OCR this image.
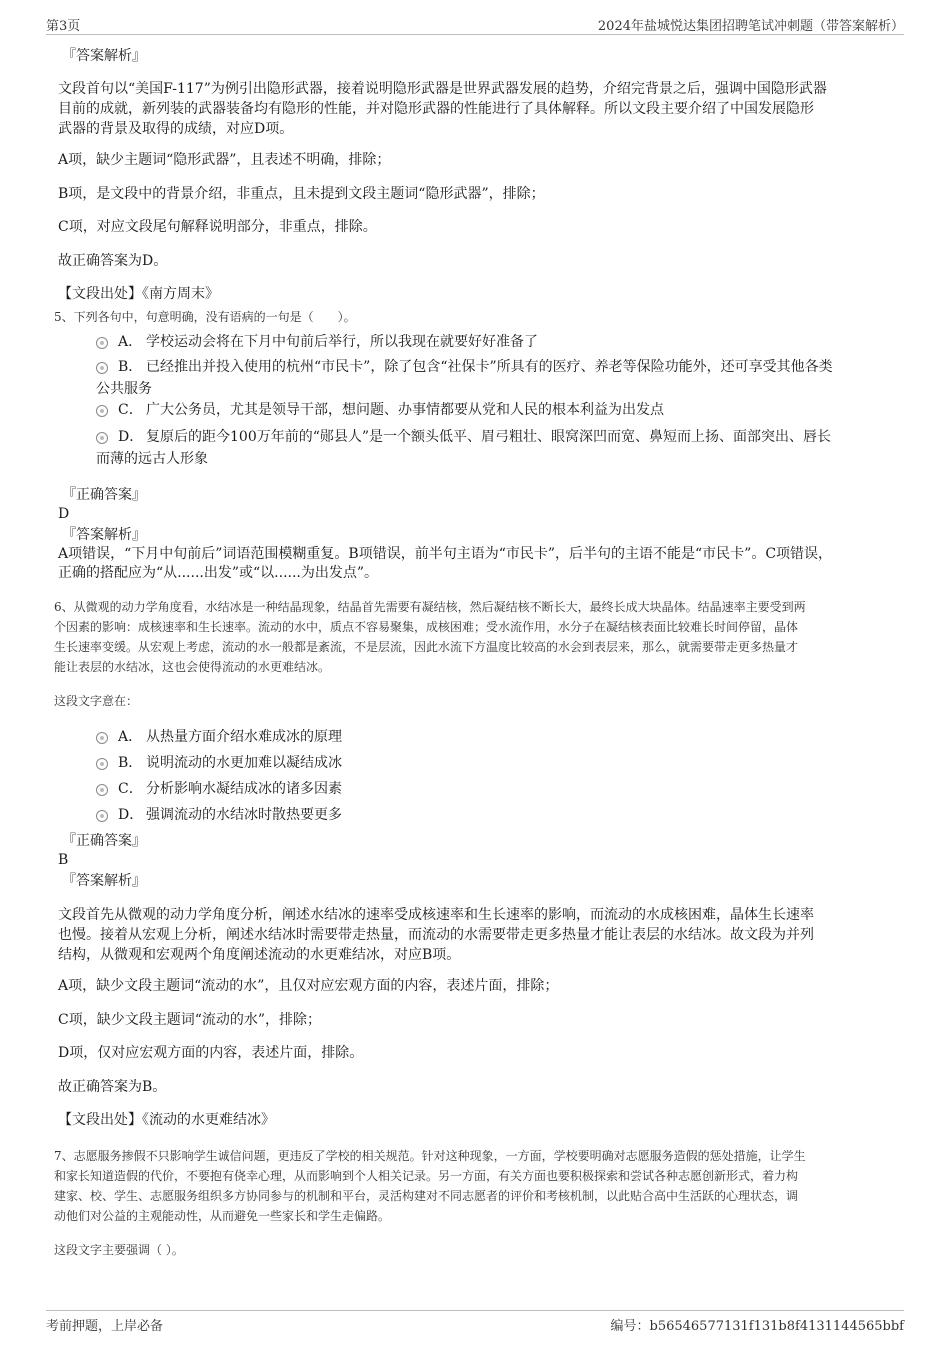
第3页	2024年盐城悦达集团招聘笔试冲刺题（带答案解析）
『答案解析』
文段首句以“美国F-117”为例引出隐形武器，接着说明隐形武器是世界武器发展的趋势，介绍完背景之后，强调中国隐形武器
目前的成就，新列装的武器装备均有隐形的性能，并对隐形武器的性能进行了具体解释。所以文段主要介绍了中国发展隐形
武器的背景及取得的成绩，对应D项。
A项，缺少主题词“隐形武器”，且表述不明确，排除；
B项，是文段中的背景介绍，非重点，且未提到文段主题词“隐形武器”，排除；
C项，对应文段尾句解释说明部分，非重点，排除。
故正确答案为D。
【文段出处】《南方周末》
5、下列各句中，句意明确，没有语病的一句是（　　）。
A． 学校运动会将在下月中旬前后举行，所以我现在就要好好准备了
B． 已经推出并投入使用的杭州“市民卡”，除了包含“社保卡”所具有的医疗、养老等保险功能外，还可享受其他各类
公共服务
C． 广大公务员，尤其是领导干部，想问题、办事情都要从党和人民的根本利益为出发点
D． 复原后的距今100万年前的“郧县人”是一个额头低平、眉弓粗壮、眼窝深凹而宽、鼻短而上扬、面部突出、唇长
而薄的远古人形象
『正确答案』
D
『答案解析』
A项错误，“下月中旬前后”词语范围模糊重复。B项错误，前半句主语为“市民卡”，后半句的主语不能是“市民卡”。C项错误，
正确的搭配应为“从......出发”或“以......为出发点”。
6、从微观的动力学角度看，水结冰是一种结晶现象，结晶首先需要有凝结核，然后凝结核不断长大，最终长成大块晶体。结晶速率主要受到两
个因素的影响：成核速率和生长速率。流动的水中，质点不容易聚集，成核困难；受水流作用，水分子在凝结核表面比较难长时间停留，晶体
生长速率变缓。从宏观上考虑，流动的水一般都是紊流，不是层流，因此水流下方温度比较高的水会到表层来，那么，就需要带走更多热量才
能让表层的水结冰，这也会使得流动的水更难结冰。
这段文字意在：
A． 从热量方面介绍水难成冰的原理
B． 说明流动的水更加难以凝结成冰
C． 分析影响水凝结成冰的诸多因素
D． 强调流动的水结冰时散热要更多
『正确答案』
B
『答案解析』
文段首先从微观的动力学角度分析，阐述水结冰的速率受成核速率和生长速率的影响，而流动的水成核困难，晶体生长速率
也慢。接着从宏观上分析，阐述水结冰时需要带走热量，而流动的水需要带走更多热量才能让表层的水结冰。故文段为并列
结构，从微观和宏观两个角度阐述流动的水更难结冰，对应B项。
A项，缺少文段主题词“流动的水”，且仅对应宏观方面的内容，表述片面，排除；
C项，缺少文段主题词“流动的水”，排除；
D项，仅对应宏观方面的内容，表述片面，排除。
故正确答案为B。
【文段出处】《流动的水更难结冰》
7、志愿服务掺假不只影响学生诚信问题，更违反了学校的相关规范。针对这种现象，一方面，学校要明确对志愿服务造假的惩处措施，让学生
和家长知道造假的代价，不要抱有侥幸心理，从而影响到个人相关记录。另一方面，有关方面也要积极探索和尝试各种志愿创新形式，着力构
建家、校、学生、志愿服务组织多方协同参与的机制和平台，灵活构建对不同志愿者的评价和考核机制，以此贴合高中生活跃的心理状态，调
动他们对公益的主观能动性，从而避免一些家长和学生走偏路。
这段文字主要强调（ ）。
考前押题，上岸必备	编号：b56546577131f131b8f4131144565bbf
